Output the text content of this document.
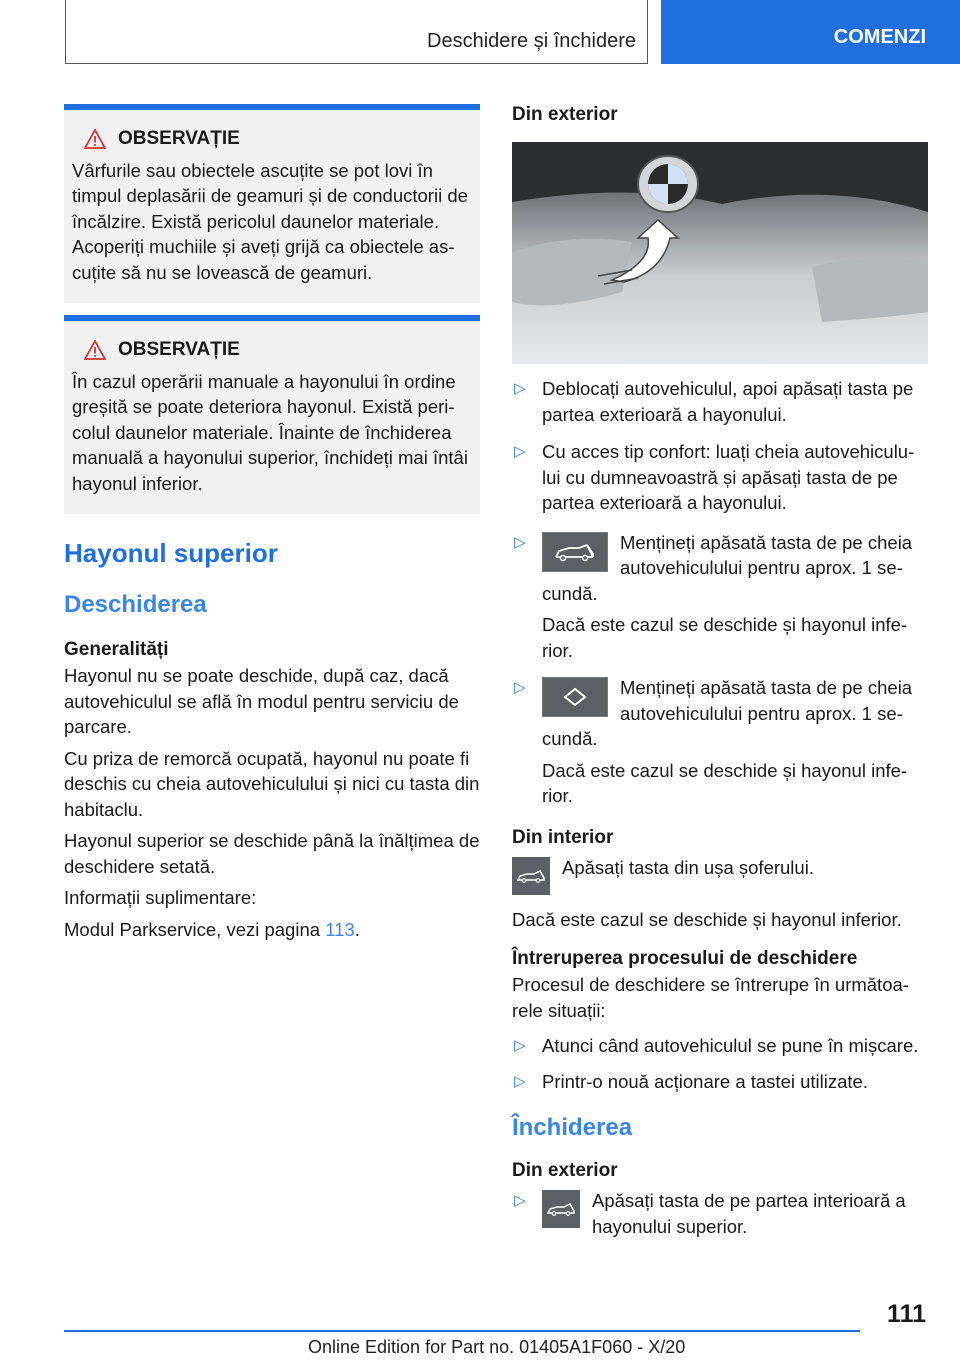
Deschidere și închidere	COMENZI
OBSERVAȚIE

Vârfurile sau obiectele ascuțite se pot lovi în timpul deplasării de geamuri și de conductorii de încălzire. Există pericolul daunelor materiale. Acoperiți muchiile și aveți grijă ca obiectele as-cuțite să nu se lovească de geamuri.

OBSERVAȚIE

În cazul operării manuale a hayonului în ordine greșită se poate deteriora hayonul. Există peri-colul daunelor materiale. Înainte de închiderea manuală a hayonului superior, închideți mai întâi hayonul inferior.

Hayonul superior
Deschiderea
Generalități

Hayonul nu se poate deschide, după caz, dacă autovehiculul se află în modul pentru serviciu de parcare.

Cu priza de remorcă ocupată, hayonul nu poate fi deschis cu cheia autovehiculului și nici cu tasta din habitaclu.

Hayonul superior se deschide până la înălțimea de deschidere setată.

Informații suplimentare:

Modul Parkservice, vezi pagina 113.

Din exterior
▷ Deblocați autovehiculul, apoi apăsați tasta pe partea exterioară a hayonului.
▷ Cu acces tip confort: luați cheia autovehiculu-lui cu dumneavoastră și apăsați tasta de pe partea exterioară a hayonului.
▷	Mențineți apăsată tasta de pe cheia autovehiculului pentru aprox. 1 se-cundă.

Dacă este cazul se deschide și hayonul infe-rior.

▷	Mențineți apăsată tasta de pe cheia autovehiculului pentru aprox. 1 se-cundă.

Dacă este cazul se deschide și hayonul infe-rior.

Din interior

Apăsați tasta din ușa șoferului.

Dacă este cazul se deschide și hayonul inferior.

Întreruperea procesului de deschidere

Procesul de deschidere se întrerupe în următoa-rele situații:

▷ Atunci când autovehiculul se pune în mișcare.
▷ Printr-o nouă acționare a tastei utilizate.
Închiderea
Din exterior
▷	Apăsați tasta de pe partea interioară a hayonului superior.
111
Online Edition for Part no. 01405A1F060 - X/20
